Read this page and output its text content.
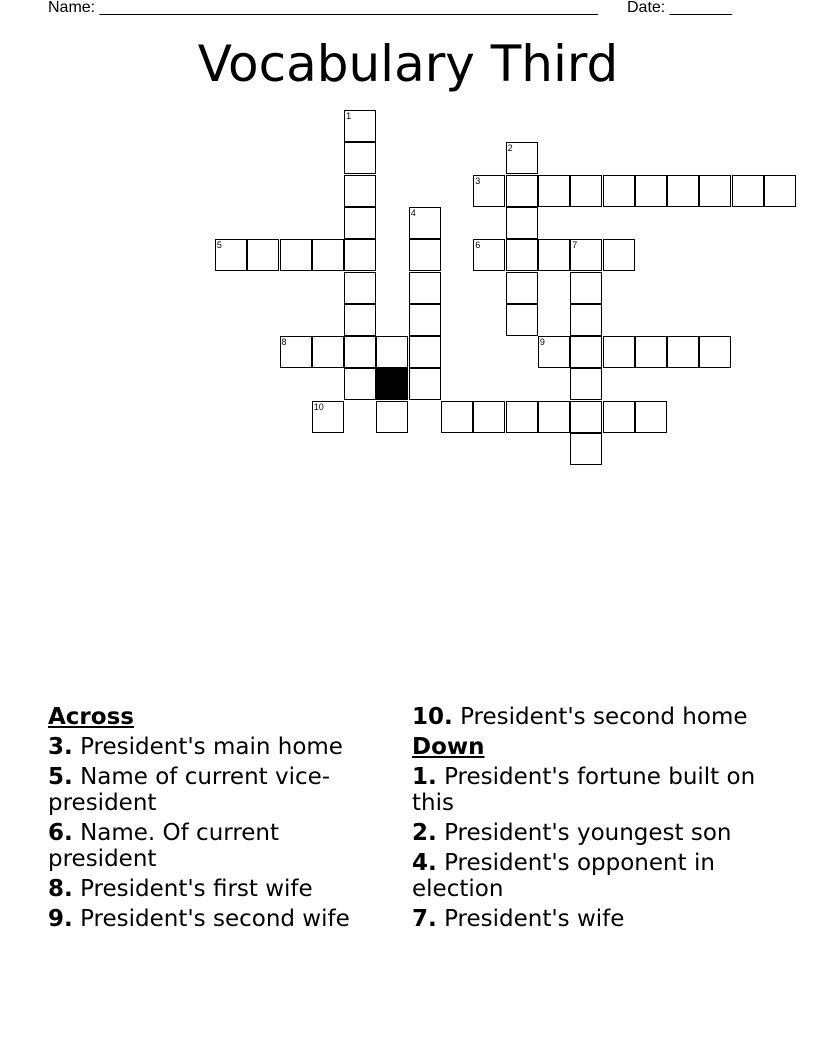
Name: ________________________________________________________ Date: _______
Vocabulary Third
1
2
3
4
5	6	7
8	9
10
Across
3. President's main home
5. Name of current vice-president
6. Name. Of current president
8. President's first wife
9. President's second wife
10. President's second home
Down
1. President's fortune built on this
2. President's youngest son
4. President's opponent in election
7. President's wife
